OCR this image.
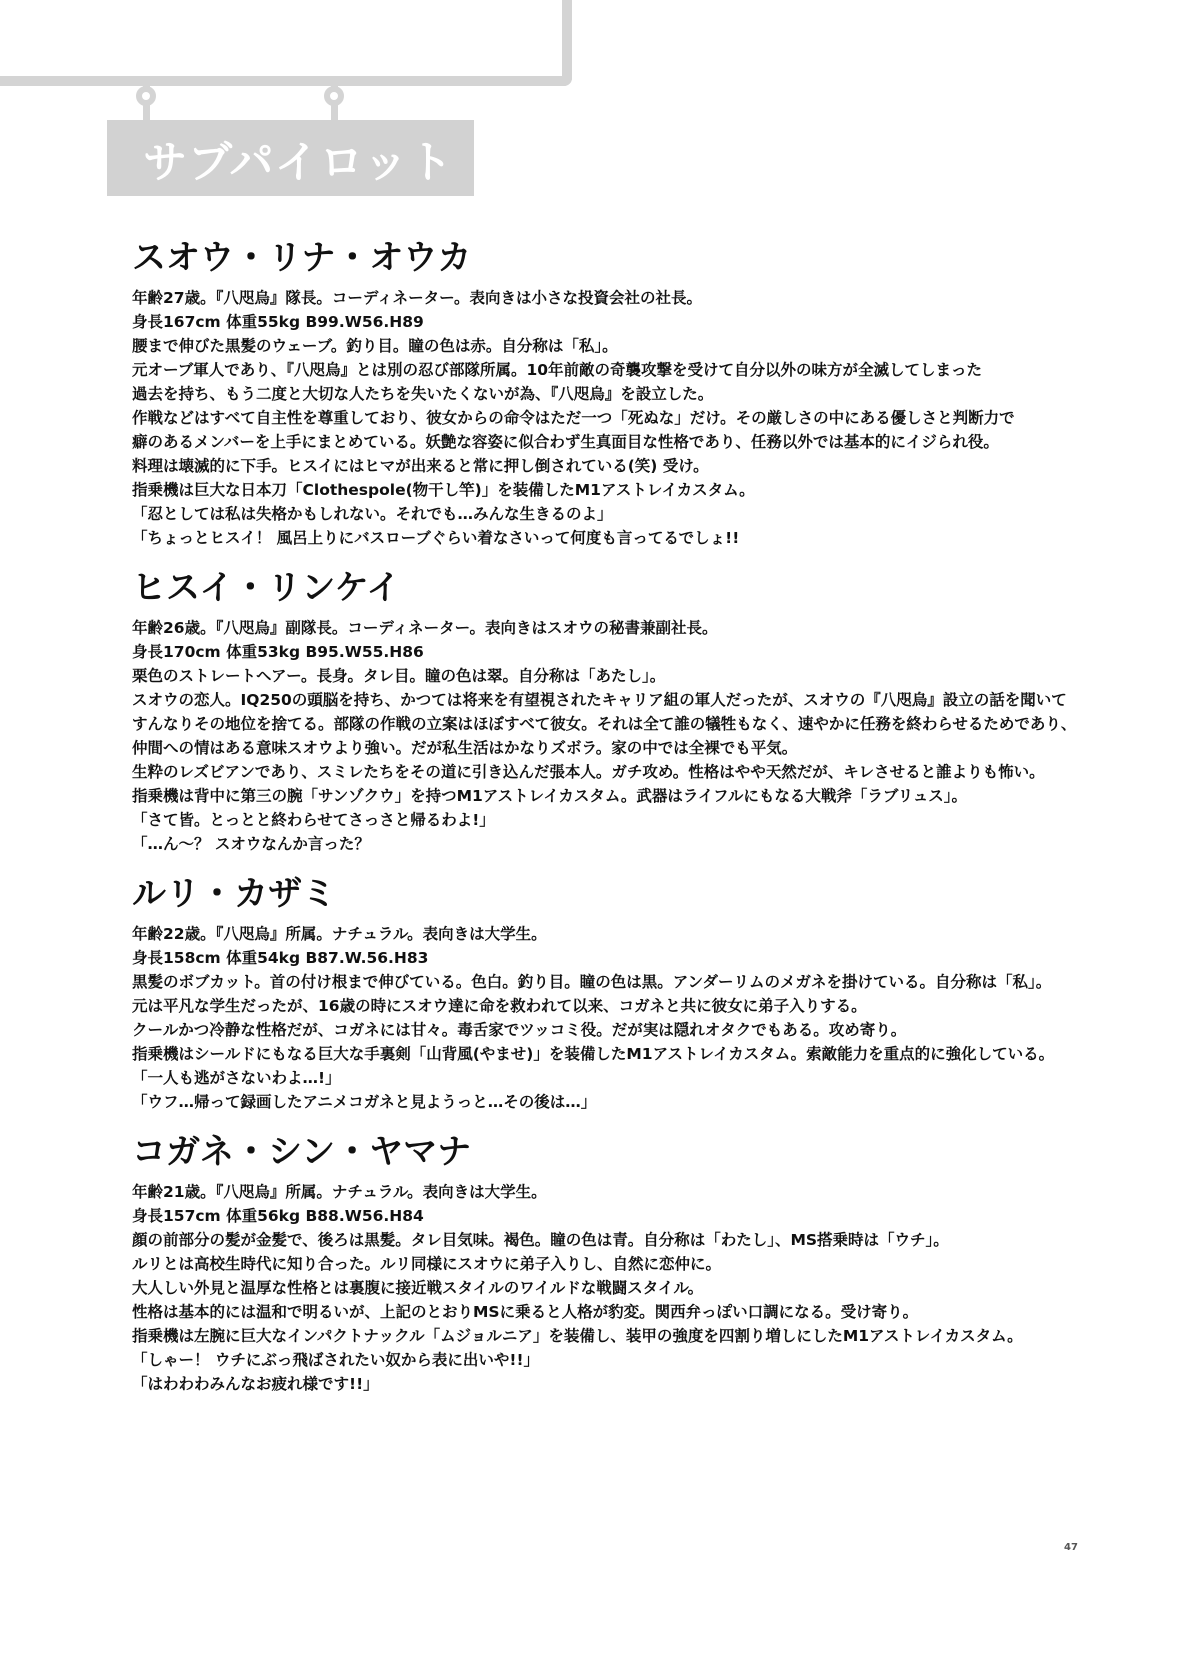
サブパイロット
スオウ・リナ・オウカ

年齢27歳。『八咫烏』隊長。コーディネーター。表向きは小さな投資会社の社長。

身長167cm 体重55kg B99.W56.H89

腰まで伸びた黒髪のウェーブ。釣り目。瞳の色は赤。自分称は「私」。

元オーブ軍人であり、『八咫烏』とは別の忍び部隊所属。10年前敵の奇襲攻撃を受けて自分以外の味方が全滅してしまった

過去を持ち、もう二度と大切な人たちを失いたくないが為、『八咫烏』を設立した。

作戦などはすべて自主性を尊重しており、彼女からの命令はただ一つ「死ぬな」だけ。その厳しさの中にある優しさと判断力で

癖のあるメンバーを上手にまとめている。妖艶な容姿に似合わず生真面目な性格であり、任務以外では基本的にイジられ役。

料理は壊滅的に下手。ヒスイにはヒマが出来ると常に押し倒されている(笑) 受け。

指乗機は巨大な日本刀「Clothespole(物干し竿)」を装備したM1アストレイカスタム。

「忍としては私は失格かもしれない。それでも…みんな生きるのよ」

「ちょっとヒスイ！ 風呂上りにバスローブぐらい着なさいって何度も言ってるでしょ!!

ヒスイ・リンケイ

年齢26歳。『八咫烏』副隊長。コーディネーター。表向きはスオウの秘書兼副社長。

身長170cm 体重53kg B95.W55.H86

栗色のストレートヘアー。長身。タレ目。瞳の色は翠。自分称は「あたし」。

スオウの恋人。IQ250の頭脳を持ち、かつては将来を有望視されたキャリア組の軍人だったが、スオウの『八咫烏』設立の話を聞いて

すんなりその地位を捨てる。部隊の作戦の立案はほぼすべて彼女。それは全て誰の犠牲もなく、速やかに任務を終わらせるためであり、

仲間への情はある意味スオウより強い。だが私生活はかなりズボラ。家の中では全裸でも平気。

生粋のレズビアンであり、スミレたちをその道に引き込んだ張本人。ガチ攻め。性格はやや天然だが、キレさせると誰よりも怖い。

指乗機は背中に第三の腕「サンゾクウ」を持つM1アストレイカスタム。武器はライフルにもなる大戦斧「ラブリュス」。

「さて皆。とっとと終わらせてさっさと帰るわよ!」

「…ん～？ スオウなんか言った？

ルリ・カザミ

年齢22歳。『八咫烏』所属。ナチュラル。表向きは大学生。

身長158cm 体重54kg B87.W.56.H83

黒髪のボブカット。首の付け根まで伸びている。色白。釣り目。瞳の色は黒。アンダーリムのメガネを掛けている。自分称は「私」。

元は平凡な学生だったが、16歳の時にスオウ達に命を救われて以来、コガネと共に彼女に弟子入りする。

クールかつ冷静な性格だが、コガネには甘々。毒舌家でツッコミ役。だが実は隠れオタクでもある。攻め寄り。

指乗機はシールドにもなる巨大な手裏剣「山背風(やませ)」を装備したM1アストレイカスタム。索敵能力を重点的に強化している。

「一人も逃がさないわよ…!」

「ウフ…帰って録画したアニメコガネと見ようっと…その後は…」

コガネ・シン・ヤマナ

年齢21歳。『八咫烏』所属。ナチュラル。表向きは大学生。

身長157cm 体重56kg B88.W56.H84

顔の前部分の髪が金髪で、後ろは黒髪。タレ目気味。褐色。瞳の色は青。自分称は「わたし」、MS搭乗時は「ウチ」。

ルリとは高校生時代に知り合った。ルリ同様にスオウに弟子入りし、自然に恋仲に。

大人しい外見と温厚な性格とは裏腹に接近戦スタイルのワイルドな戦闘スタイル。

性格は基本的には温和で明るいが、上記のとおりMSに乗ると人格が豹変。関西弁っぽい口調になる。受け寄り。

指乗機は左腕に巨大なインパクトナックル「ムジョルニア」を装備し、装甲の強度を四割り増しにしたM1アストレイカスタム。

「しゃー！ ウチにぶっ飛ばされたい奴から表に出いや!!」

「はわわわみんなお疲れ様です!!」

47
